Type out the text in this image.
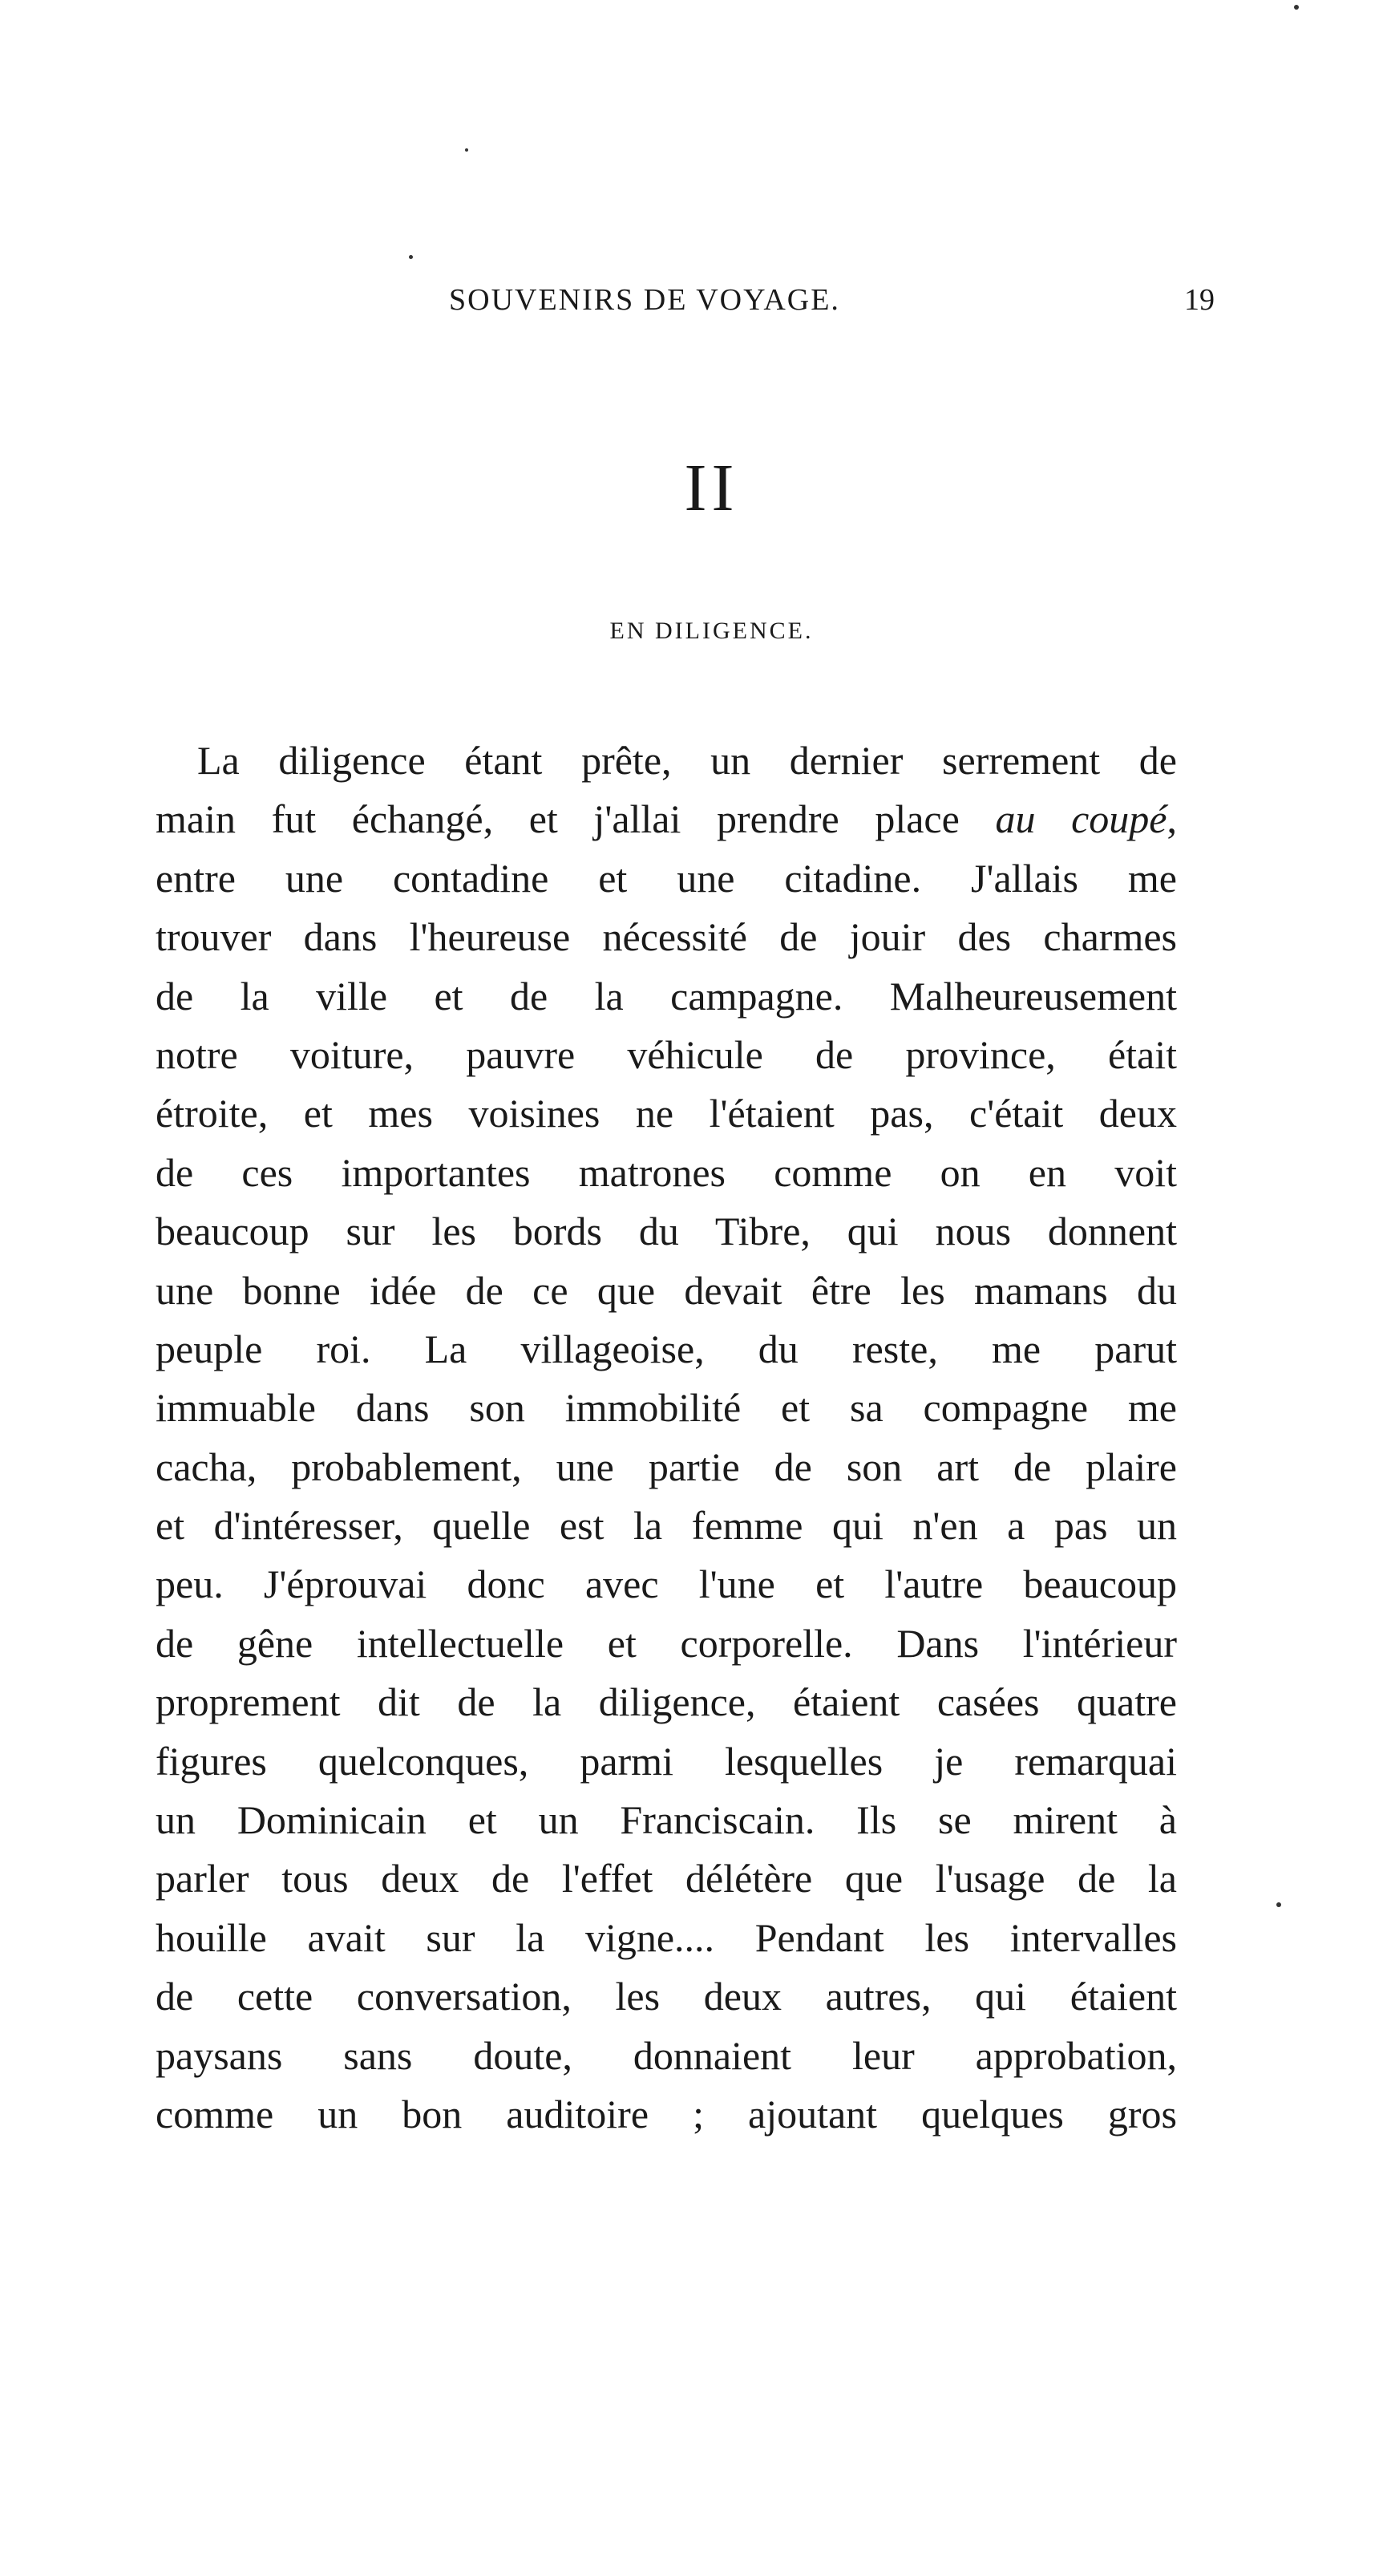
SOUVENIRS DE VOYAGE.	19
II
EN DILIGENCE.
La diligence étant prête, un dernier serrement de
main fut échangé, et j'allai prendre place au coupé,
entre une contadine et une citadine. J'allais me
trouver dans l'heureuse nécessité de jouir des charmes
de la ville et de la campagne. Malheureusement
notre voiture, pauvre véhicule de province, était
étroite, et mes voisines ne l'étaient pas, c'était deux
de ces importantes matrones comme on en voit
beaucoup sur les bords du Tibre, qui nous donnent
une bonne idée de ce que devait être les mamans du
peuple roi. La villageoise, du reste, me parut
immuable dans son immobilité et sa compagne me
cacha, probablement, une partie de son art de plaire
et d'intéresser, quelle est la femme qui n'en a pas un
peu. J'éprouvai donc avec l'une et l'autre beaucoup
de gêne intellectuelle et corporelle. Dans l'intérieur
proprement dit de la diligence, étaient casées quatre
figures quelconques, parmi lesquelles je remarquai
un Dominicain et un Franciscain. Ils se mirent à
parler tous deux de l'effet délétère que l'usage de la
houille avait sur la vigne.... Pendant les intervalles
de cette conversation, les deux autres, qui étaient
paysans sans doute, donnaient leur approbation,
comme un bon auditoire ; ajoutant quelques gros
